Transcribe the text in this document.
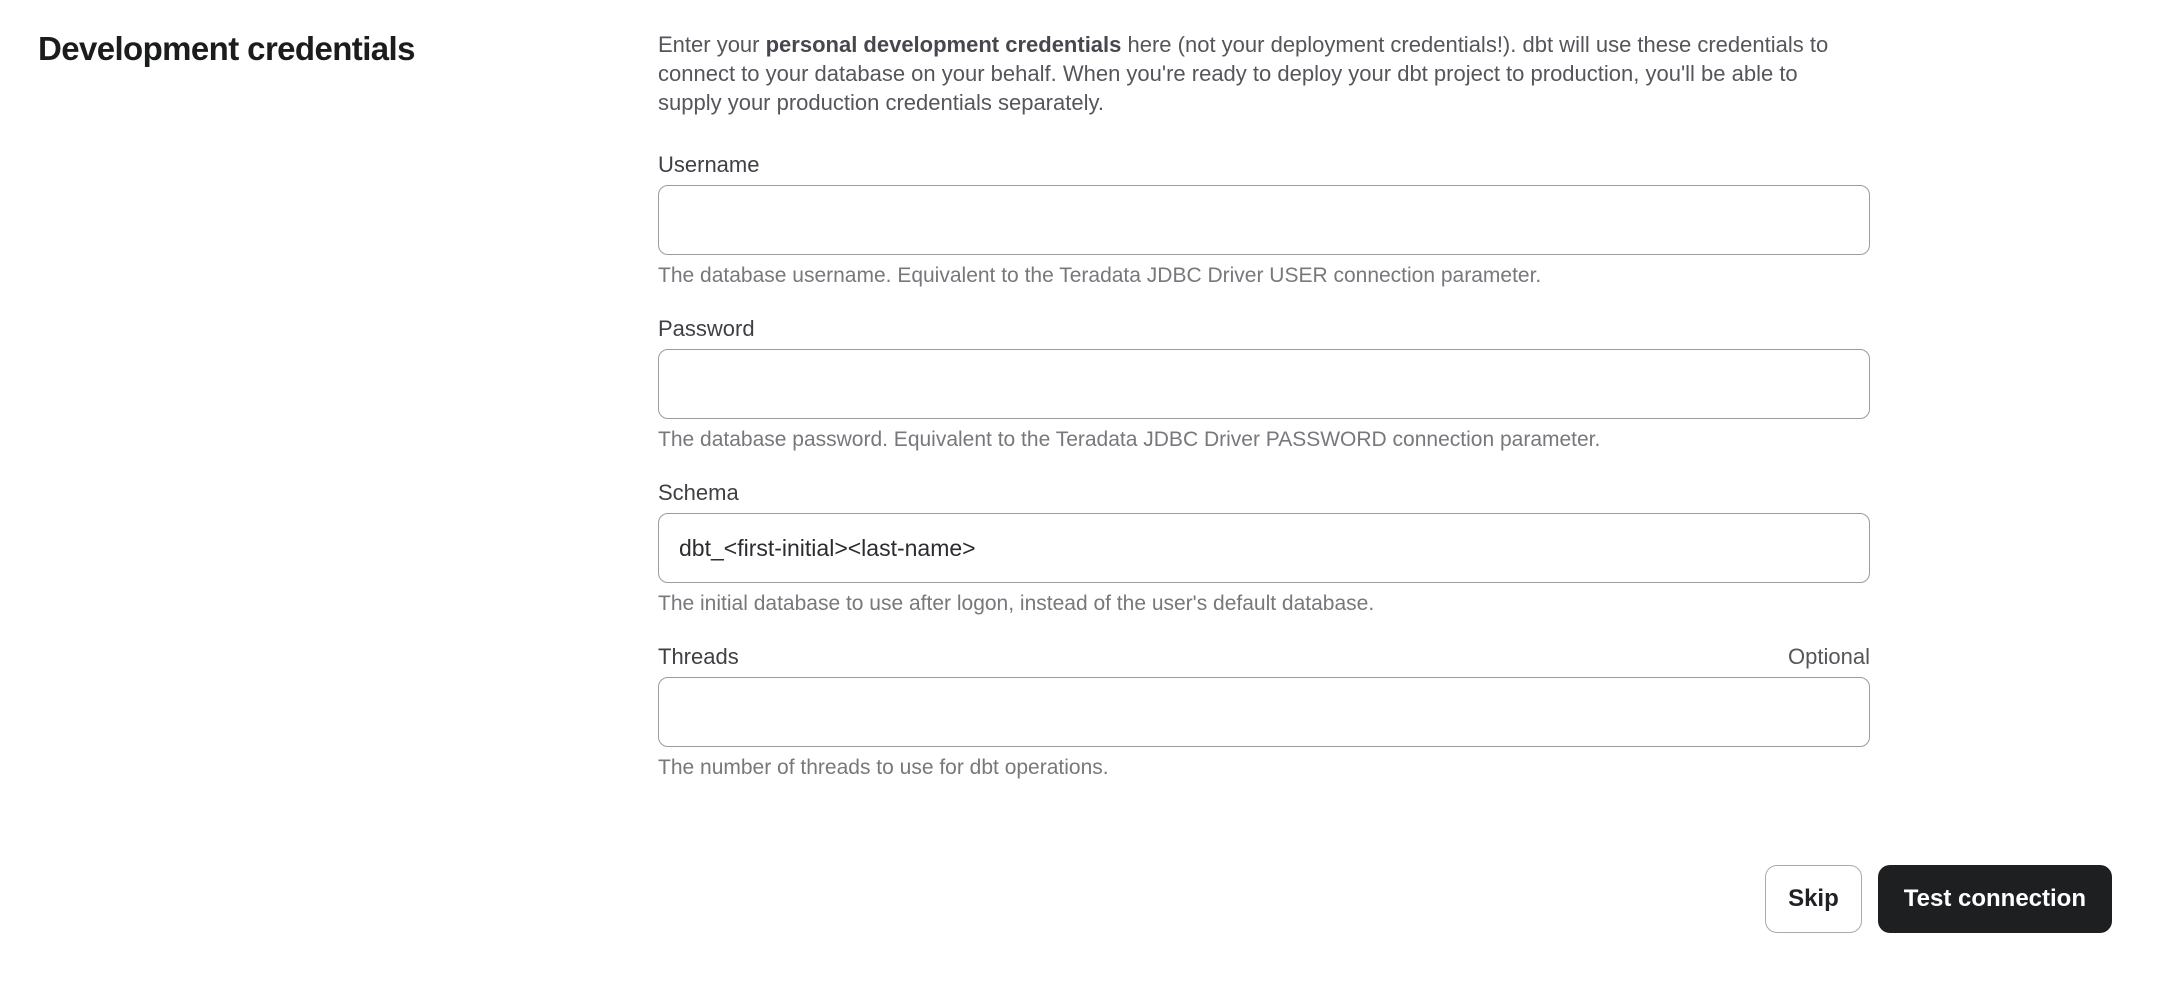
Development credentials	Enter your personal development credentials here (not your deployment credentials!). dbt will use these credentials to connect to your database on your behalf. When you're ready to deploy your dbt project to production, you'll be able to supply your production credentials separately.

Username
The database username. Equivalent to the Teradata JDBC Driver USER connection parameter.
Password
The database password. Equivalent to the Teradata JDBC Driver PASSWORD connection parameter.
Schema
dbt_<first-initial><last-name>
The initial database to use after logon, instead of the user's default database.
Threads	Optional
The number of threads to use for dbt operations.
Skip	Test connection
